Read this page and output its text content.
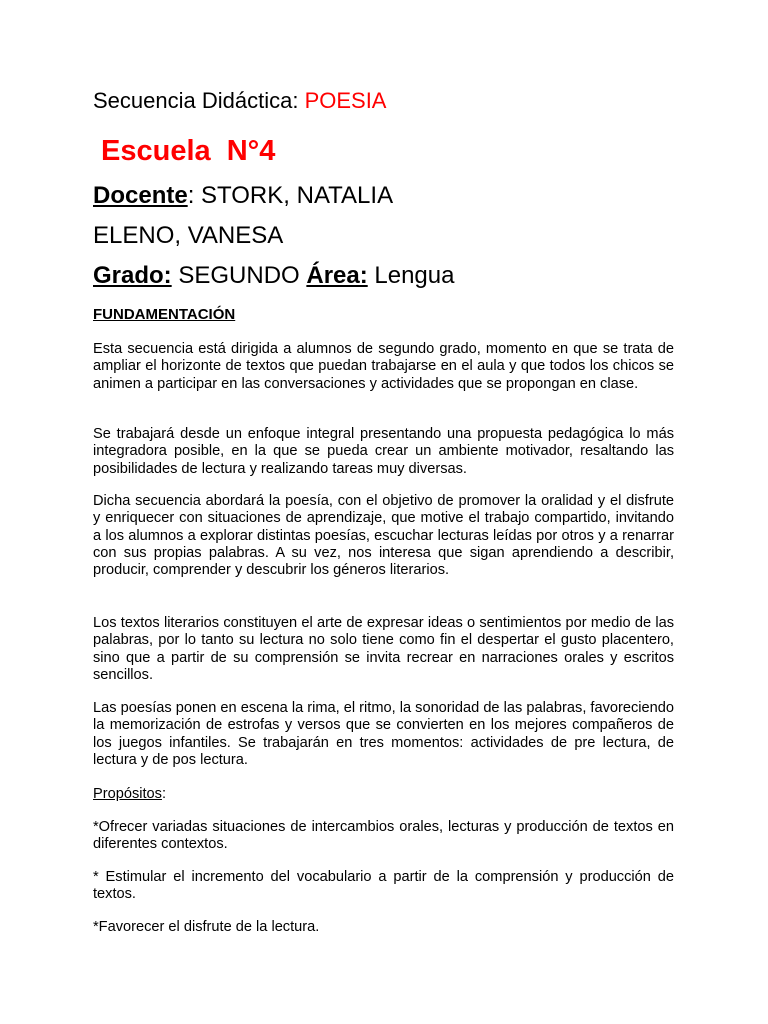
Secuencia Didáctica: POESIA
Escuela  N°4
Docente: STORK, NATALIA
ELENO, VANESA
Grado: SEGUNDO Área: Lengua
FUNDAMENTACIÓN

Esta secuencia está dirigida a alumnos de segundo grado, momento en que se trata de ampliar el horizonte de textos que puedan trabajarse en el aula y que todos los chicos se animen a participar en las conversaciones y actividades que se propongan en clase.

Se trabajará desde un enfoque integral presentando una propuesta pedagógica lo más integradora posible, en la que se pueda crear un ambiente motivador, resaltando las posibilidades de lectura y realizando tareas muy diversas.

Dicha secuencia abordará la poesía, con el objetivo de promover la oralidad y el disfrute y enriquecer con situaciones de aprendizaje, que motive el trabajo compartido, invitando a los alumnos a explorar distintas poesías, escuchar lecturas leídas por otros y a renarrar con sus propias palabras. A su vez, nos interesa que sigan aprendiendo a describir, producir, comprender y descubrir los géneros literarios.

Los textos literarios constituyen el arte de expresar ideas o sentimientos por medio de las palabras, por lo tanto su lectura no solo tiene como fin el despertar el gusto placentero, sino que a partir de su comprensión se invita recrear en narraciones orales y escritos sencillos.

Las poesías ponen en escena la rima, el ritmo, la sonoridad de las palabras, favoreciendo la memorización de estrofas y versos que se convierten en los mejores compañeros de los juegos infantiles. Se trabajarán en tres momentos: actividades de pre lectura, de lectura y de pos lectura.

Propósitos:

*Ofrecer variadas situaciones de intercambios orales, lecturas y producción de textos en diferentes contextos.

* Estimular el incremento del vocabulario a partir de la comprensión y producción de textos.

*Favorecer el disfrute de la lectura.
